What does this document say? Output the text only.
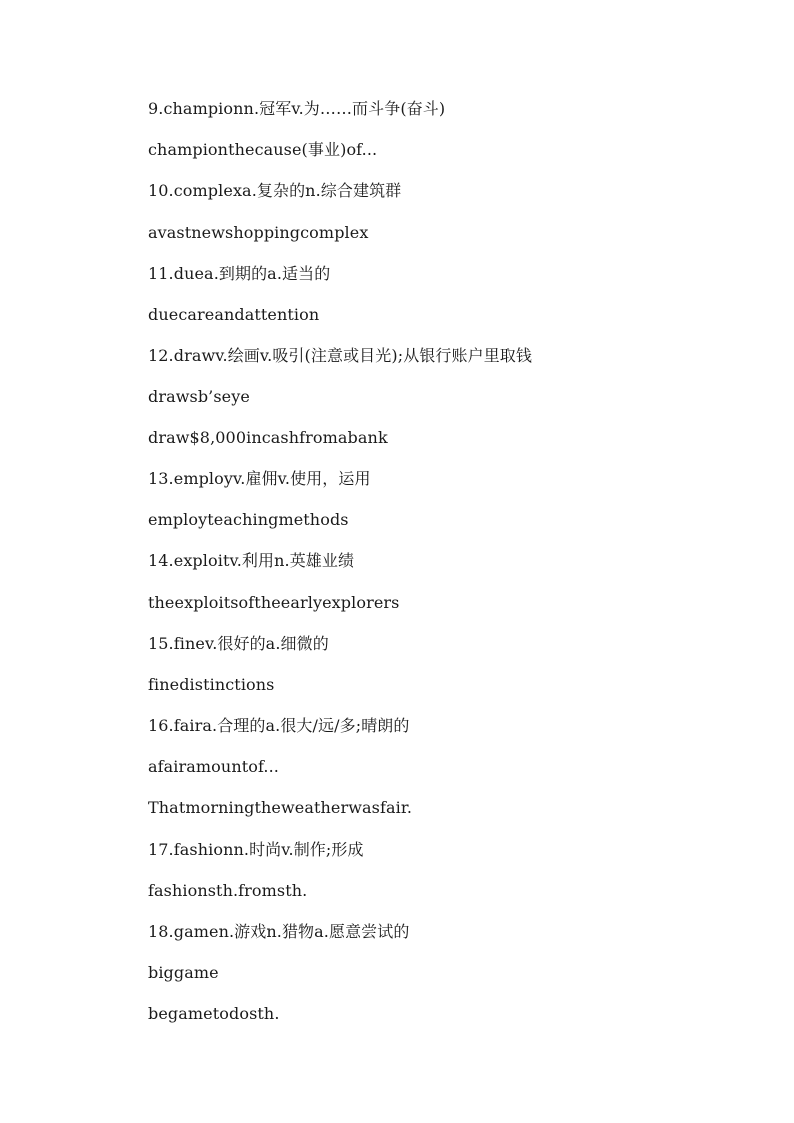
9.championn.冠军v.为……而斗争(奋斗)
championthecause(事业)of...
10.complexa.复杂的n.综合建筑群
avastnewshoppingcomplex
11.duea.到期的a.适当的
duecareandattention
12.drawv.绘画v.吸引(注意或目光);从银行账户里取钱
drawsb’seye
draw$8,000incashfromabank
13.employv.雇佣v.使用，运用
employteachingmethods
14.exploitv.利用n.英雄业绩
theexploitsoftheearlyexplorers
15.finev.很好的a.细微的
finedistinctions
16.faira.合理的a.很大/远/多;晴朗的
afairamountof...
Thatmorningtheweatherwasfair.
17.fashionn.时尚v.制作;形成
fashionsth.fromsth.
18.gamen.游戏n.猎物a.愿意尝试的
biggame
begametodosth.
